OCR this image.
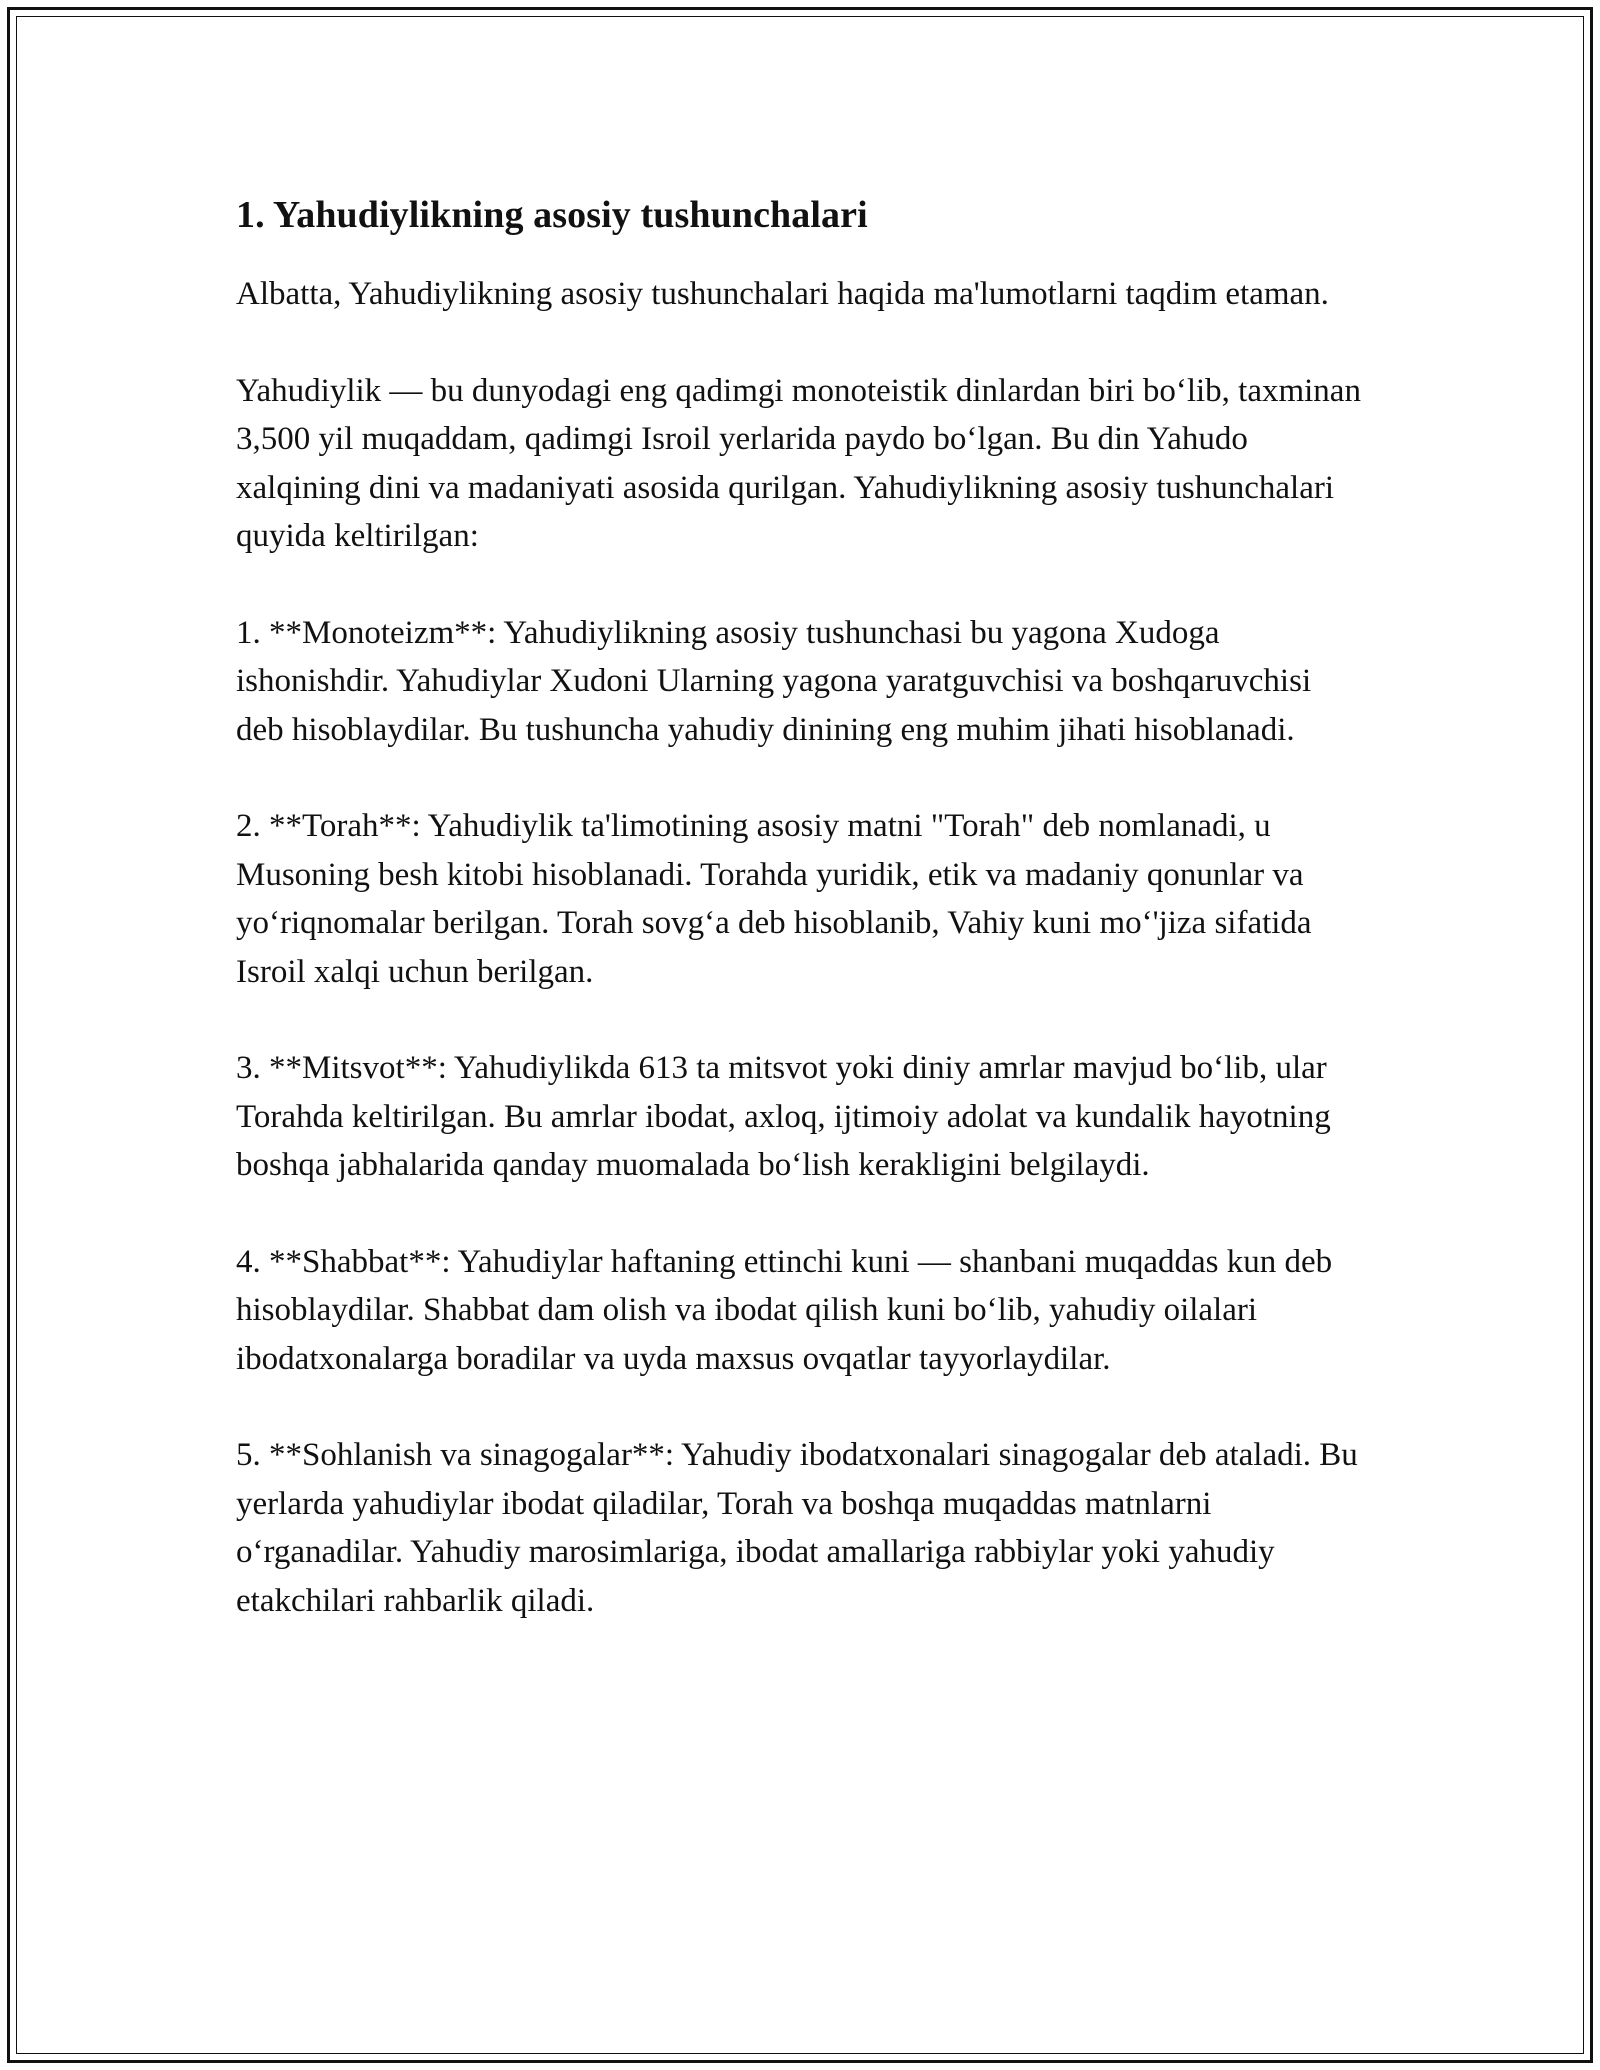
1. Yahudiylikning asosiy tushunchalari

Albatta, Yahudiylikning asosiy tushunchalari haqida ma'lumotlarni taqdim etaman.

Yahudiylik — bu dunyodagi eng qadimgi monoteistik dinlardan biri bo‘lib, taxminan 3,500 yil muqaddam, qadimgi Isroil yerlarida paydo bo‘lgan. Bu din Yahudo xalqining dini va madaniyati asosida qurilgan. Yahudiylikning asosiy tushunchalari quyida keltirilgan:

1. **Monoteizm**: Yahudiylikning asosiy tushunchasi bu yagona Xudoga ishonishdir. Yahudiylar Xudoni Ularning yagona yaratguvchisi va boshqaruvchisi deb hisoblaydilar. Bu tushuncha yahudiy dinining eng muhim jihati hisoblanadi.

2. **Torah**: Yahudiylik ta'limotining asosiy matni "Torah" deb nomlanadi, u Musoning besh kitobi hisoblanadi. Torahda yuridik, etik va madaniy qonunlar va yo‘riqnomalar berilgan. Torah sovg‘a deb hisoblanib, Vahiy kuni mo‘'jiza sifatida Isroil xalqi uchun berilgan.

3. **Mitsvot**: Yahudiylikda 613 ta mitsvot yoki diniy amrlar mavjud bo‘lib, ular Torahda keltirilgan. Bu amrlar ibodat, axloq, ijtimoiy adolat va kundalik hayotning boshqa jabhalarida qanday muomalada bo‘lish kerakligini belgilaydi.

4. **Shabbat**: Yahudiylar haftaning ettinchi kuni — shanbani muqaddas kun deb hisoblaydilar. Shabbat dam olish va ibodat qilish kuni bo‘lib, yahudiy oilalari ibodatxonalarga boradilar va uyda maxsus ovqatlar tayyorlaydilar.

5. **Sohlanish va sinagogalar**: Yahudiy ibodatxonalari sinagogalar deb ataladi. Bu yerlarda yahudiylar ibodat qiladilar, Torah va boshqa muqaddas matnlarni o‘rganadilar. Yahudiy marosimlariga, ibodat amallariga rabbiylar yoki yahudiy etakchilari rahbarlik qiladi.
